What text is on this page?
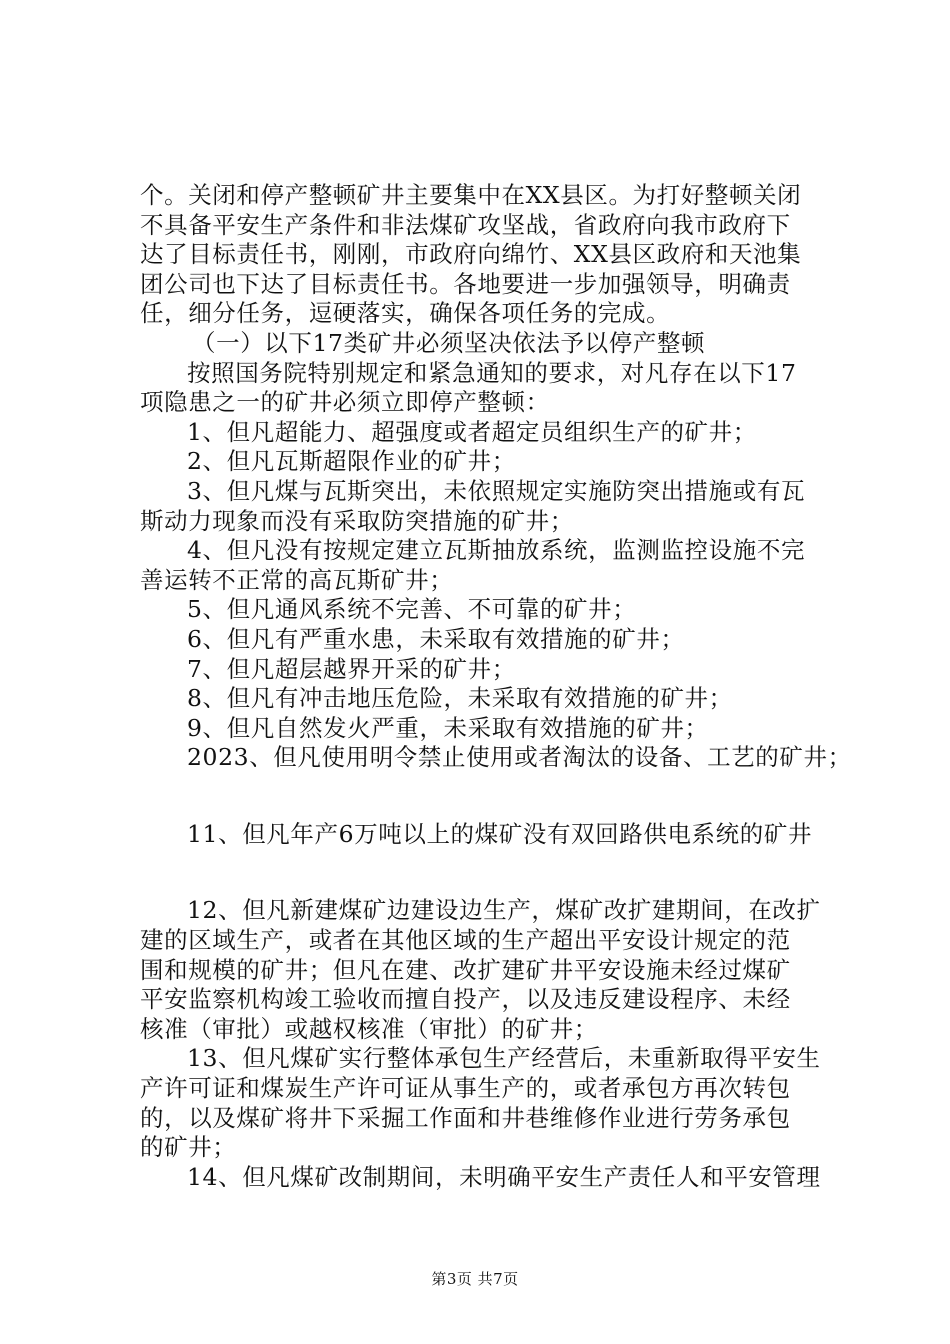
个。关闭和停产整顿矿井主要集中在XX县区。为打好整顿关闭
不具备平安生产条件和非法煤矿攻坚战，省政府向我市政府下
达了目标责任书，刚刚，市政府向绵竹、XX县区政府和天池集
团公司也下达了目标责任书。各地要进一步加强领导，明确责
任，细分任务，逗硬落实，确保各项任务的完成。
（一）以下17类矿井必须坚决依法予以停产整顿
按照国务院特别规定和紧急通知的要求，对凡存在以下17
项隐患之一的矿井必须立即停产整顿：
1、但凡超能力、超强度或者超定员组织生产的矿井；
2、但凡瓦斯超限作业的矿井；
3、但凡煤与瓦斯突出，未依照规定实施防突出措施或有瓦
斯动力现象而没有采取防突措施的矿井；
4、但凡没有按规定建立瓦斯抽放系统，监测监控设施不完
善运转不正常的高瓦斯矿井；
5、但凡通风系统不完善、不可靠的矿井；
6、但凡有严重水患，未采取有效措施的矿井；
7、但凡超层越界开采的矿井；
8、但凡有冲击地压危险，未采取有效措施的矿井；
9、但凡自然发火严重，未采取有效措施的矿井；
2023、但凡使用明令禁止使用或者淘汰的设备、工艺的矿井；
11、但凡年产6万吨以上的煤矿没有双回路供电系统的矿井
12、但凡新建煤矿边建设边生产，煤矿改扩建期间，在改扩
建的区域生产，或者在其他区域的生产超出平安设计规定的范
围和规模的矿井；但凡在建、改扩建矿井平安设施未经过煤矿
平安监察机构竣工验收而擅自投产，以及违反建设程序、未经
核准（审批）或越权核准（审批）的矿井；
13、但凡煤矿实行整体承包生产经营后，未重新取得平安生
产许可证和煤炭生产许可证从事生产的，或者承包方再次转包
的，以及煤矿将井下采掘工作面和井巷维修作业进行劳务承包
的矿井；
14、但凡煤矿改制期间，未明确平安生产责任人和平安管理
第3页 共7页
